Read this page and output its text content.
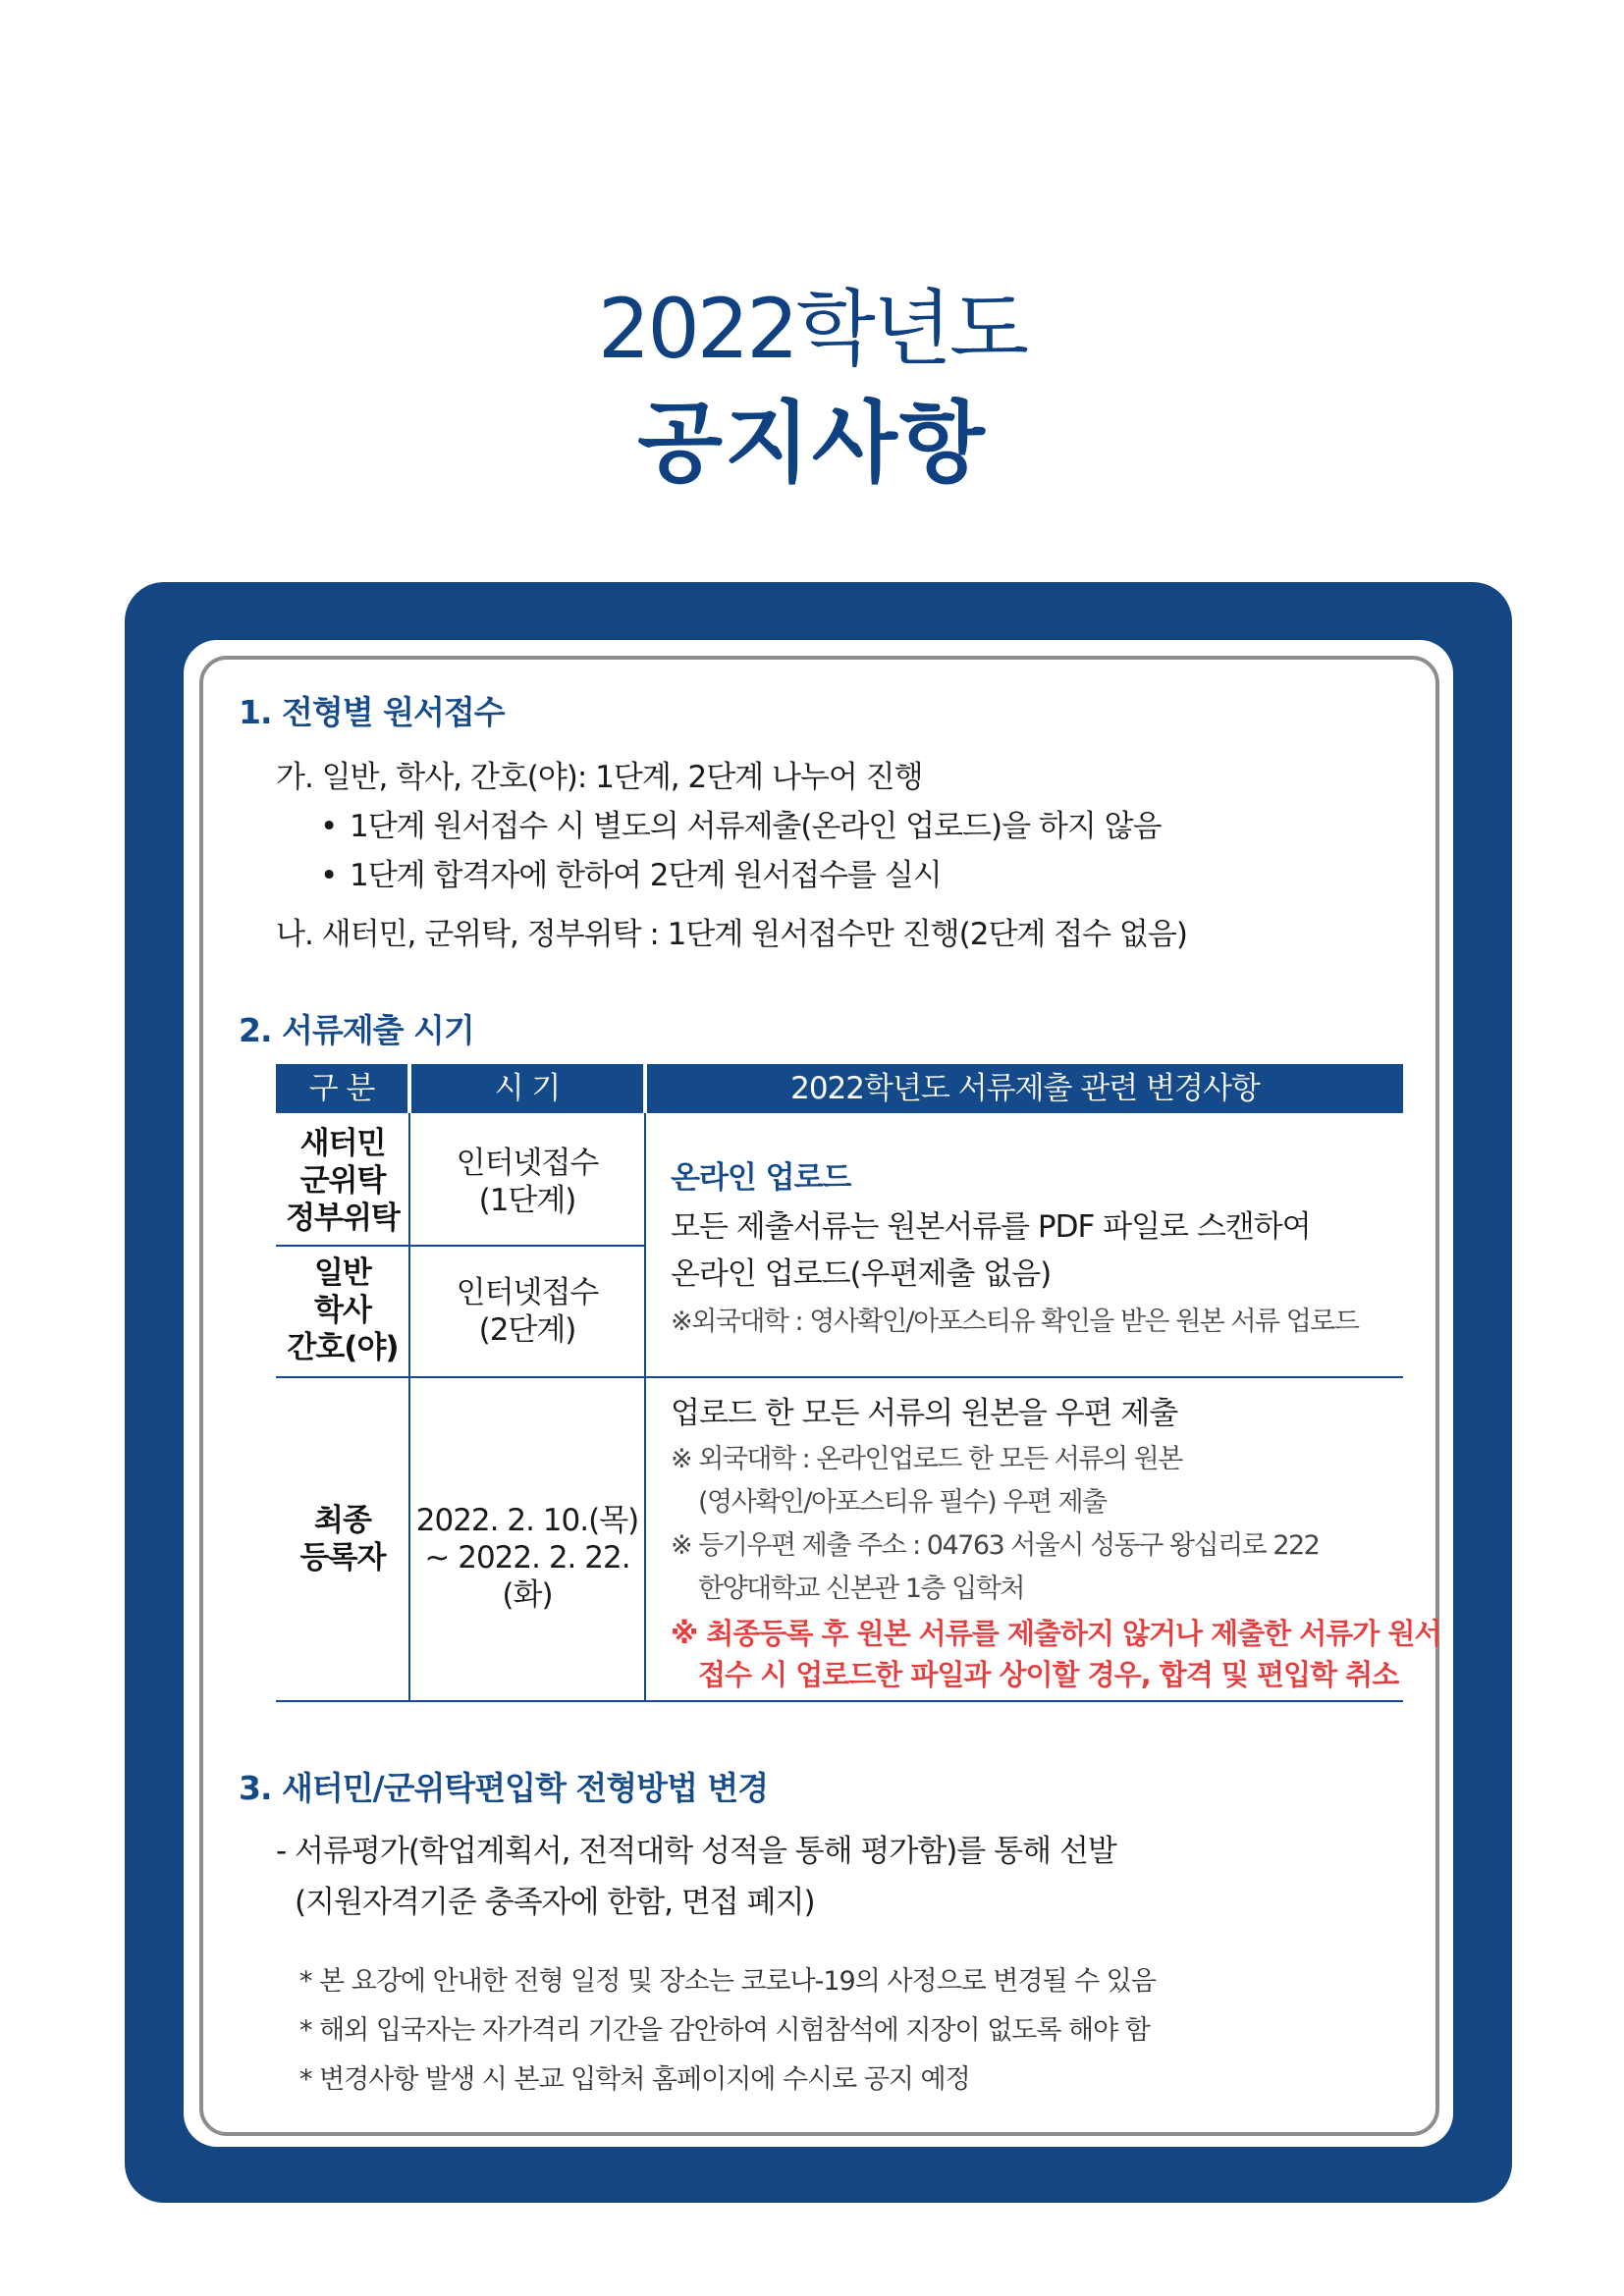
2022학년도
공지사항
1. 전형별 원서접수
가. 일반, 학사, 간호(야): 1단계, 2단계 나누어 진행
• 1단계 원서접수 시 별도의 서류제출(온라인 업로드)을 하지 않음
• 1단계 합격자에 한하여 2단계 원서접수를 실시
나. 새터민, 군위탁, 정부위탁 : 1단계 원서접수만 진행(2단계 접수 없음)
2. 서류제출 시기
구 분	시 기	2022학년도 서류제출 관련 변경사항
새터민
군위탁
정부위탁
인터넷접수
(1단계)
일반
학사
간호(야)
인터넷접수
(2단계)
온라인 업로드
모든 제출서류는 원본서류를 PDF 파일로 스캔하여
온라인 업로드(우편제출 없음)
※외국대학 : 영사확인/아포스티유 확인을 받은 원본 서류 업로드
최종
등록자
2022. 2. 10.(목)
~ 2022. 2. 22.(화)
업로드 한 모든 서류의 원본을 우편 제출
※ 외국대학 : 온라인업로드 한 모든 서류의 원본
(영사확인/아포스티유 필수) 우편 제출
※ 등기우편 제출 주소 : 04763 서울시 성동구 왕십리로 222
한양대학교 신본관 1층 입학처
※ 최종등록 후 원본 서류를 제출하지 않거나 제출한 서류가 원서
접수 시 업로드한 파일과 상이할 경우, 합격 및 편입학 취소
3. 새터민/군위탁편입학 전형방법 변경
- 서류평가(학업계획서, 전적대학 성적을 통해 평가함)를 통해 선발
(지원자격기준 충족자에 한함, 면접 폐지)
* 본 요강에 안내한 전형 일정 및 장소는 코로나-19의 사정으로 변경될 수 있음
* 해외 입국자는 자가격리 기간을 감안하여 시험참석에 지장이 없도록 해야 함
* 변경사항 발생 시 본교 입학처 홈페이지에 수시로 공지 예정
